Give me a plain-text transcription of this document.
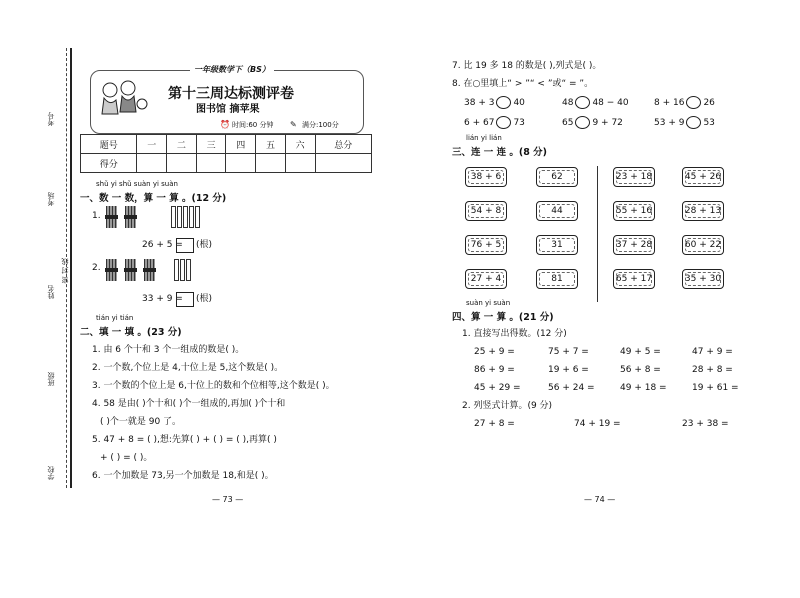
考号
考场
密 封 线
姓名
班级
学校
一年级数学下（BS）
第十三周达标测评卷
图书馆 摘苹果
⏰ 时间:60 分钟 ✎ 满分:100分
题号	一	二	三	四	五	六	总分
得分							
shǔ yi shǔ suàn yi suàn
一、数 一 数，算 一 算 。(12 分)
1.

26 + 5 = (根)
2.

33 + 9 = (根)
tián yi tián
二、填 一 填 。(23 分)
1. 由 6 个十和 3 个一组成的数是( )。
2. 一个数,个位上是 4,十位上是 5,这个数是( )。
3. 一个数的个位上是 6,十位上的数和个位相等,这个数是( )。
4. 58 是由( )个十和( )个一组成的,再加( )个十和
( )个一就是 90 了。
5. 47 + 8 = ( ),想:先算( ) + ( ) = ( ),再算( )
+ ( ) = ( )。
6. 一个加数是 73,另一个加数是 18,和是( )。
— 73 —
7. 比 19 多 18 的数是( ),列式是( )。
8. 在○里填上“ > ”“ < ”或“ = ”。
38 + 3 40	48 48 − 40	8 + 16 26
6 + 67 73	65 9 + 72	53 + 9 53
lián yi lián
三、连 一 连 。(8 分)
38 + 6
54 + 8
76 + 5
27 + 4
62
44
31
81
23 + 18
55 + 16
37 + 28
65 + 17
45 + 26
28 + 13
60 + 22
35 + 30
suàn yi suàn
四、算 一 算 。(21 分)
1. 直接写出得数。(12 分)
25 + 9 =	75 + 7 =	49 + 5 =	47 + 9 =
86 + 9 =	19 + 6 =	56 + 8 =	28 + 8 =
45 + 29 =	56 + 24 =	49 + 18 =	19 + 61 =
2. 列竖式计算。(9 分)
27 + 8 =	74 + 19 =	23 + 38 =
— 74 —
